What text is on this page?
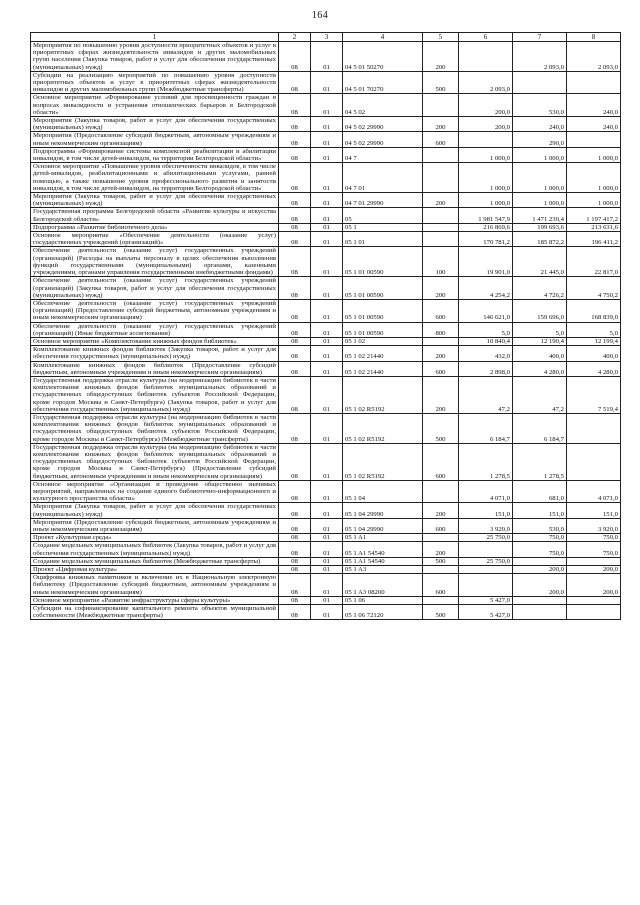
164
1	2	3	4	5	6	7	8
Мероприятия по повышению уровня доступности приоритетных объектов и услуг в приоритетных сферах жизнедеятельности инвалидов и других маломобильных групп населения (Закупка товаров, работ и услуг для обеспечения государственных (муниципальных) нужд)	08	01	04 5 01 50270	200		2 093,0	2 093,0
Субсидии на реализацию мероприятий по повышению уровня доступности приоритетных объектов и услуг в приоритетных сферах жизнедеятельности инвалидов и других маломобильных групп (Межбюджетные трансферты)	08	01	04 5 01 70270	500	2 093,0		
Основное мероприятие «Формирование условий для просвещенности граждан в вопросах инвалидности и устранения отношенческих барьеров в Белгородской области»	08	01	04 5 02		200,0	530,0	240,0
Мероприятия (Закупка товаров, работ и услуг для обеспечения государственных (муниципальных) нужд)	08	01	04 5 02 29990	200	200,0	240,0	240,0
Мероприятия (Предоставление субсидий бюджетным, автономным учреждениям и иным некоммерческим организациям)	08	01	04 5 02 29990	600		290,0	
Подпрограмма «Формирование системы комплексной реабилитации и абилитации инвалидов, в том числе детей-инвалидов, на территории Белгородской области»	08	01	04 7		1 000,0	1 000,0	1 000,0
Основное мероприятие «Повышение уровня обеспеченности инвалидов, в том числе детей-инвалидов, реабилитационными и абилитационными услугами, ранней помощью, а также повышение уровня профессионального развития и занятости инвалидов, в том числе детей-инвалидов, на территории Белгородской области»	08	01	04 7 01		1 000,0	1 000,0	1 000,0
Мероприятия (Закупка товаров, работ и услуг для обеспечения государственных (муниципальных) нужд)	08	01	04 7 01 29990	200	1 000,0	1 000,0	1 000,0
Государственная программа Белгородской области «Развитие культуры и искусства Белгородской области»	08	01	05		1 981 547,9	1 471 230,4	1 197 417,2
Подпрограмма «Развитие библиотечного дела»	08	01	05 1		216 869,6	199 693,6	213 631,6
Основное мероприятие «Обеспечение деятельности (оказание услуг) государственных учреждений (организаций)»	08	01	05 1 01		170 781,2	185 872,2	196 411,2
Обеспечение деятельности (оказание услуг) государственных учреждений (организаций) (Расходы на выплаты персоналу в целях обеспечения выполнения функций государственными (муниципальными) органами, казенными учреждениями, органами управления государственными внебюджетными фондами)	08	01	05 1 01 00590	100	19 901,0	21 445,0	22 817,0
Обеспечение деятельности (оказание услуг) государственных учреждений (организаций) (Закупка товаров, работ и услуг для обеспечения государственных (муниципальных) нужд)	08	01	05 1 01 00590	200	4 254,2	4 726,2	4 750,2
Обеспечение деятельности (оказание услуг) государственных учреждений (организаций) (Предоставление субсидий бюджетным, автономным учреждениям и иным некоммерческим организациям)	08	01	05 1 01 00590	600	146 621,0	159 696,0	168 839,0
Обеспечение деятельности (оказание услуг) государственных учреждений (организаций) (Иные бюджетные ассигнования)	08	01	05 1 01 00590	800	5,0	5,0	5,0
Основное мероприятие «Комплектование книжных фондов библиотек»	08	01	05 1 02		10 840,4	12 190,4	12 199,4
Комплектование книжных фондов библиотек (Закупка товаров, работ и услуг для обеспечения государственных (муниципальных) нужд)	08	01	05 1 02 21440	200	432,0	400,0	400,0
Комплектование книжных фондов библиотек (Предоставление субсидий бюджетным, автономным учреждениям и иным некоммерческим организациям)	08	01	05 1 02 21440	600	2 898,0	4 280,0	4 280,0
Государственная поддержка отрасли культуры (на модернизацию библиотек в части комплектования книжных фондов библиотек муниципальных образований и государственных общедоступных библиотек субъектов Российской Федерации, кроме городов Москвы и Санкт-Петербурга) (Закупка товаров, работ и услуг для обеспечения государственных (муниципальных) нужд)	08	01	05 1 02 R5192	200	47,2	47,2	7 519,4
Государственная поддержка отрасли культуры (на модернизацию библиотек в части комплектования книжных фондов библиотек муниципальных образований и государственных общедоступных библиотек субъектов Российской Федерации, кроме городов Москвы и Санкт-Петербурга) (Межбюджетные трансферты)	08	01	05 1 02 R5192	500	6 184,7	6 184,7	
Государственная поддержка отрасли культуры (на модернизацию библиотек в части комплектования книжных фондов библиотек муниципальных образований и государственных общедоступных библиотек субъектов Российской Федерации, кроме городов Москвы и Санкт-Петербурга) (Предоставление субсидий бюджетным, автономным учреждениям и иным некоммерческим организациям)	08	01	05 1 02 R5192	600	1 278,5	1 278,5	
Основное мероприятие «Организация и проведение общественно значимых мероприятий, направленных на создание единого библиотечно-информационного и культурного пространства области»	08	01	05 1 04		4 071,0	681,0	4 071,0
Мероприятия (Закупка товаров, работ и услуг для обеспечения государственных (муниципальных) нужд)	08	01	05 1 04 29990	200	151,0	151,0	151,0
Мероприятия (Предоставление субсидий бюджетным, автономным учреждениям и иным некоммерческим организациям)	08	01	05 1 04 29990	600	3 920,0	530,0	3 920,0
Проект «Культурная среда»	08	01	05 1 A1		25 750,0	750,0	750,0
Создание модельных муниципальных библиотек (Закупка товаров, работ и услуг для обеспечения государственных (муниципальных) нужд)	08	01	05 1 A1 54540	200		750,0	750,0
Создание модельных муниципальных библиотек (Межбюджетные трансферты)	08	01	05 1 A1 54540	500	25 750,0		
Проект «Цифровая культура»	08	01	05 1 A3			200,0	200,0
Оцифровка книжных памятников и включение их в Национальную электронную библиотеку (Предоставление субсидий бюджетным, автономным учреждениям и иным некоммерческим организациям)	08	01	05 1 A3 08200	600		200,0	200,0
Основное мероприятие «Развитие инфраструктуры сферы культуры»	08	01	05 1 06		5 427,0		
Субсидии на софинансирование капитального ремонта объектов муниципальной собственности (Межбюджетные трансферты)	08	01	05 1 06 72120	500	5 427,0		
